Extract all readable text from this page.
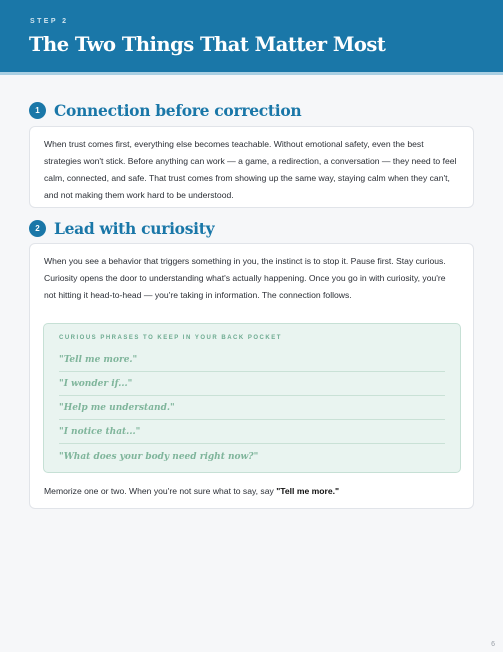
STEP 2
The Two Things That Matter Most
1 Connection before correction

When trust comes first, everything else becomes teachable. Without emotional safety, even the best strategies won't stick. Before anything can work — a game, a redirection, a conversation — they need to feel calm, connected, and safe. That trust comes from showing up the same way, staying calm when they can't, and not making them work hard to be understood.

2 Lead with curiosity

When you see a behavior that triggers something in you, the instinct is to stop it. Pause first. Stay curious. Curiosity opens the door to understanding what's actually happening. Once you go in with curiosity, you're not hitting it head-to-head — you're taking in information. The connection follows.

CURIOUS PHRASES TO KEEP IN YOUR BACK POCKET
"Tell me more."
"I wonder if..."
"Help me understand."
"I notice that..."
"What does your body need right now?"

Memorize one or two. When you're not sure what to say, say "Tell me more."

6
